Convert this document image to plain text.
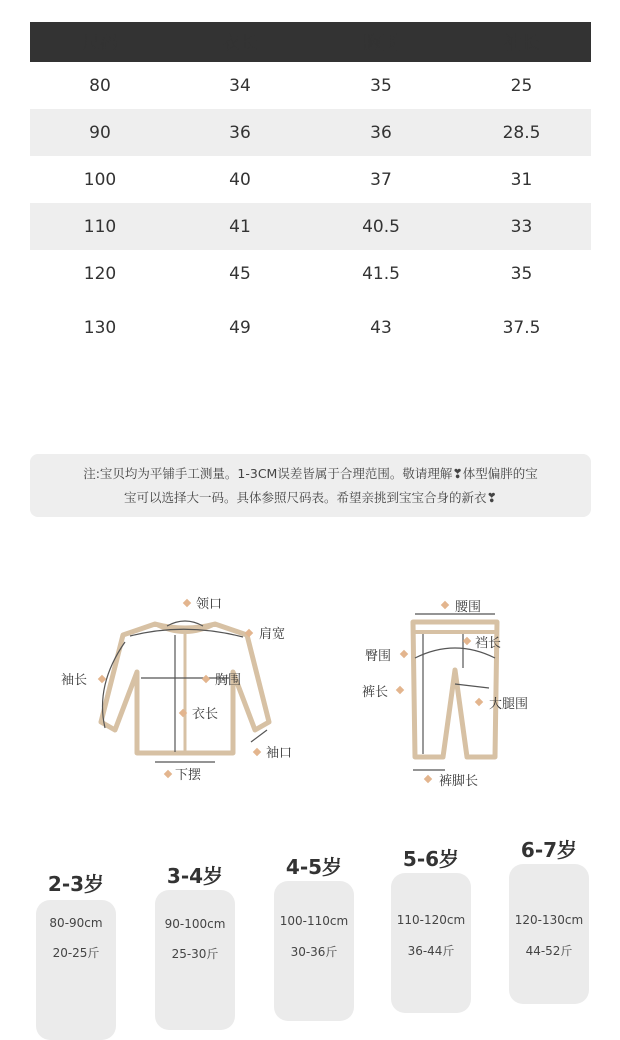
尺码	衣长	胸围	袖长
80	34	35	25
90	36	36	28.5
100	40	37	31
110	41	40.5	33
120	45	41.5	35
130	49	43	37.5
注:宝贝均为平铺手工测量。1-3CM误差皆属于合理范围。敬请理解❣体型偏胖的宝
宝可以选择大一码。具体参照尺码表。希望亲挑到宝宝合身的新衣❣
领口
肩宽
袖长	胸围
衣长
袖口
下摆
腰围
裆长
臀围
裤长
大腿围
裤脚长
2-3岁
80-90cm
20-25斤
3-4岁
90-100cm
25-30斤
4-5岁
100-110cm
30-36斤
5-6岁
110-120cm
36-44斤
6-7岁
120-130cm
44-52斤
